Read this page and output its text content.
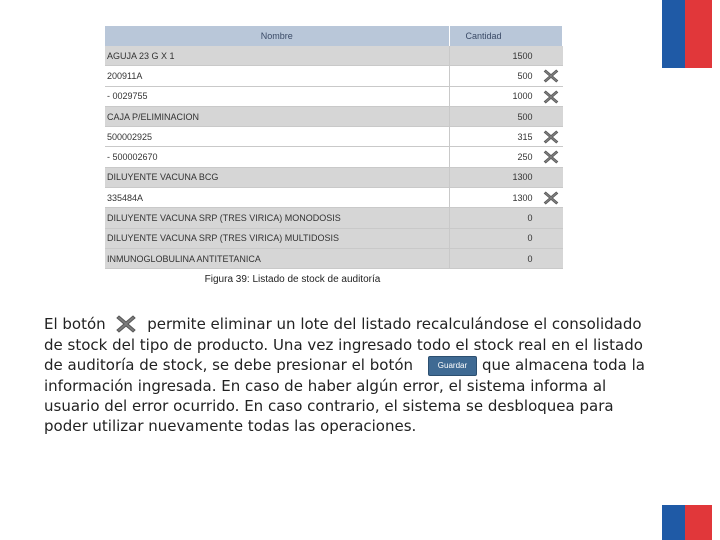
Nombre	Cantidad
AGUJA 23 G X 1	1500
200911A	500

- 0029755	1000

CAJA P/ELIMINACION	500
500002925	315

- 500002670	250

DILUYENTE VACUNA BCG	1300
335484A	1300

DILUYENTE VACUNA SRP (TRES VIRICA) MONODOSIS	0
DILUYENTE VACUNA SRP (TRES VIRICA) MULTIDOSIS	0
INMUNOGLOBULINA ANTITETANICA	0
Figura 39: Listado de stock de auditoría
El botón	permite eliminar un lote del listado recalculándose el consolidado de stock del tipo de producto. Una vez ingresado todo el stock real en el listado de auditoría de stock, se debe presionar el botón	Guardar que almacena toda la información ingresada. En caso de haber algún error, el sistema informa al usuario del error ocurrido. En caso contrario, el sistema se desbloquea para poder utilizar nuevamente todas las operaciones.
